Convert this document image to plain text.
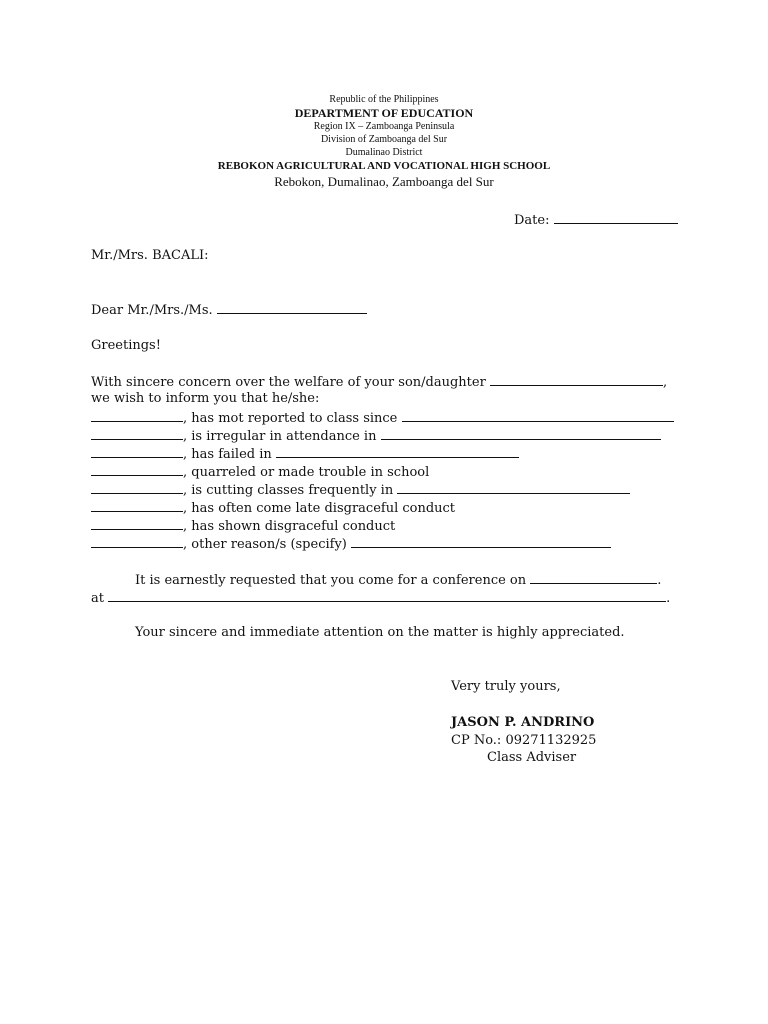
Republic of the Philippines
DEPARTMENT OF EDUCATION
Region IX – Zamboanga Peninsula
Division of Zamboanga del Sur
Dumalinao District
REBOKON AGRICULTURAL AND VOCATIONAL HIGH SCHOOL
Rebokon, Dumalinao, Zamboanga del Sur
Date:
Mr./Mrs. BACALI:
Dear Mr./Mrs./Ms.
Greetings!
With sincere concern over the welfare of your son/daughter	,
we wish to inform you that he/she:
, has mot reported to class since
, is irregular in attendance in
, has failed in
, quarreled or made trouble in school
, is cutting classes frequently in
, has often come late disgraceful conduct
, has shown disgraceful conduct
, other reason/s (specify)
It is earnestly requested that you come for a conference on	.
at	.
Your sincere and immediate attention on the matter is highly appreciated.
Very truly yours,
JASON P. ANDRINO
CP No.: 09271132925
Class Adviser
